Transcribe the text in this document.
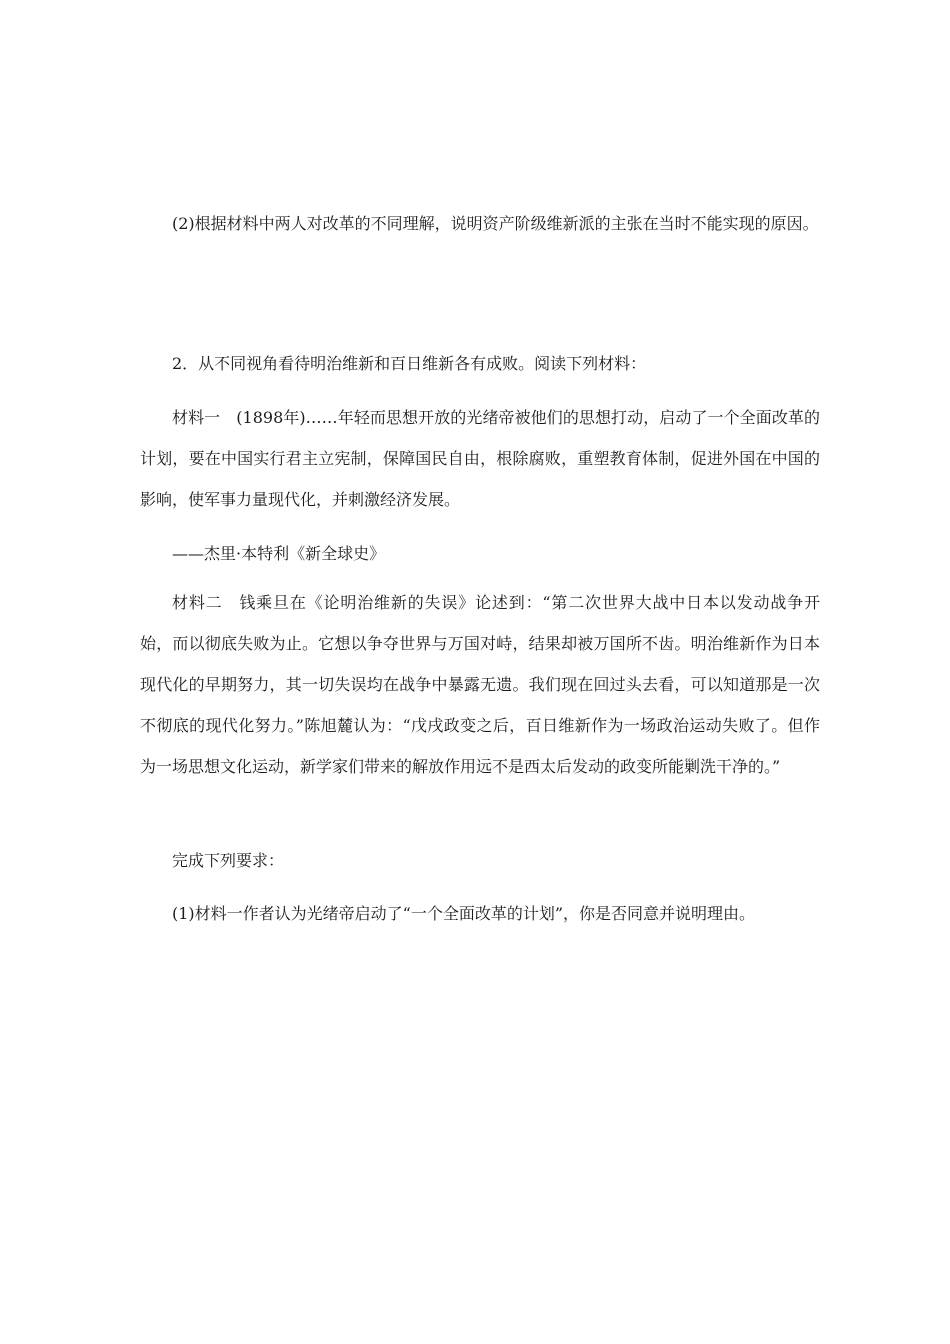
(2)根据材料中两人对改革的不同理解，说明资产阶级维新派的主张在当时不能实现的原因。

2．从不同视角看待明治维新和百日维新各有成败。阅读下列材料：

材料一　(1898年)……年轻而思想开放的光绪帝被他们的思想打动，启动了一个全面改革的计划，要在中国实行君主立宪制，保障国民自由，根除腐败，重塑教育体制，促进外国在中国的影响，使军事力量现代化，并刺激经济发展。

——杰里·本特利《新全球史》

材料二　钱乘旦在《论明治维新的失误》论述到：“第二次世界大战中日本以发动战争开始，而以彻底失败为止。它想以争夺世界与万国对峙，结果却被万国所不齿。明治维新作为日本现代化的早期努力，其一切失误均在战争中暴露无遗。我们现在回过头去看，可以知道那是一次不彻底的现代化努力。”陈旭麓认为：“戊戌政变之后，百日维新作为一场政治运动失败了。但作为一场思想文化运动，新学家们带来的解放作用远不是西太后发动的政变所能剿洗干净的。”

完成下列要求：

(1)材料一作者认为光绪帝启动了“一个全面改革的计划”，你是否同意并说明理由。
